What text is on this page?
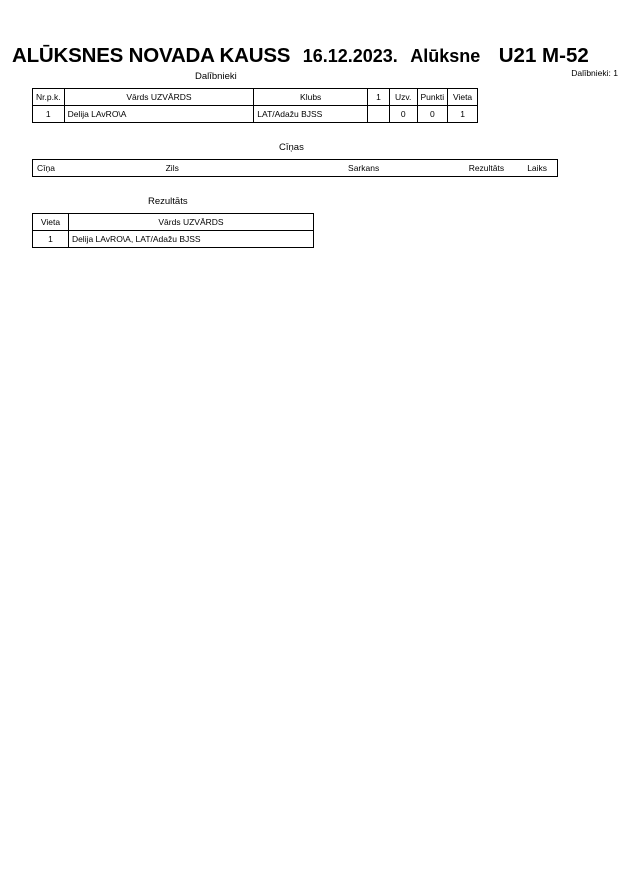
ALŪKSNES NOVADA KAUSS 16.12.2023. Alūksne U21 M-52
Dalībnieki	Dalībnieki: 1
Nr.p.k.	Vārds UZVĀRDS	Klubs	1	Uzv.	Punkti	Vieta
1	Delija LAvRO\A	LAT/Adažu BJSS		0	0	1
Cīņas
Cīņa	Zils	Sarkans	Rezultāts	Laiks
Rezultāts
Vieta	Vārds UZVĀRDS
1	Delija LAvRO\A, LAT/Adažu BJSS
